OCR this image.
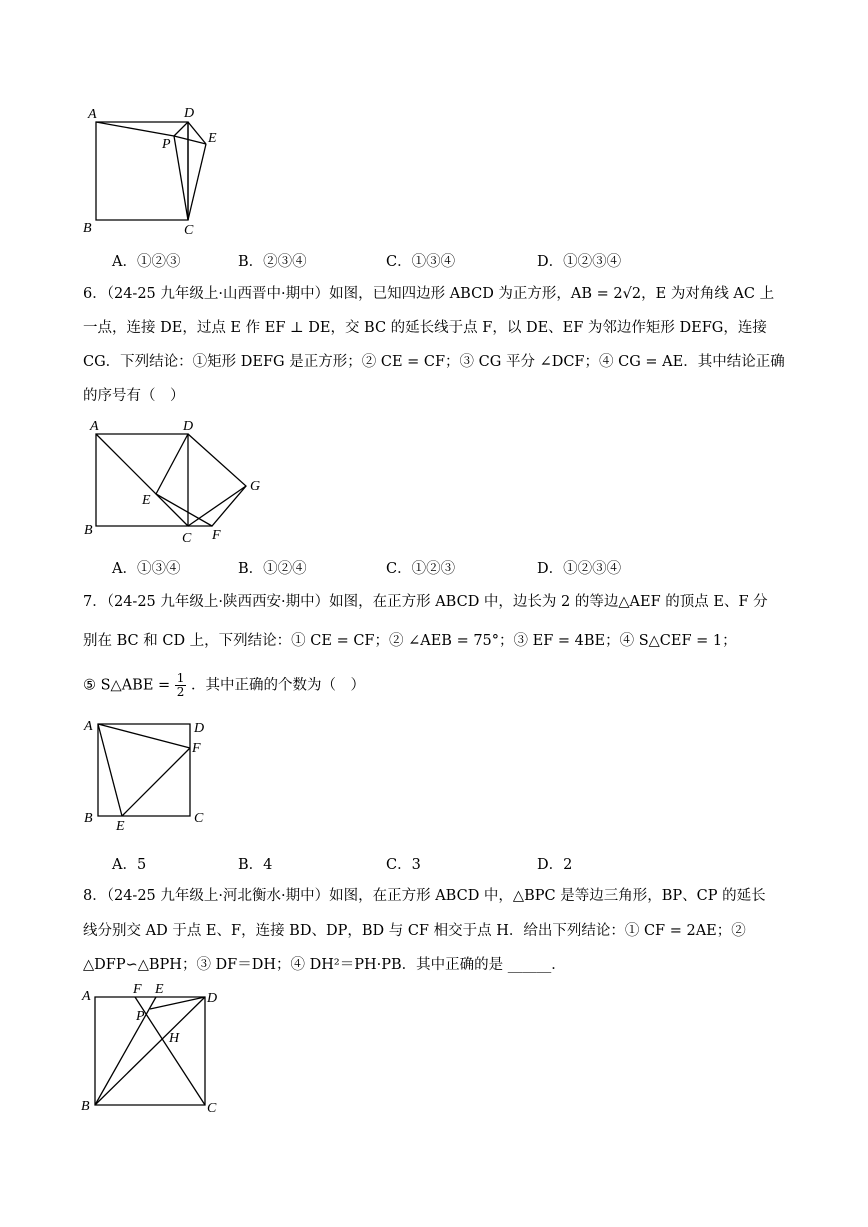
A	D
E
P
B	C
A．①②③	B．②③④	C．①③④	D．①②③④
6．（24-25 九年级上·山西晋中·期中）如图，已知四边形 ABCD 为正方形，AB = 2√2，E 为对角线 AC 上
一点，连接 DE，过点 E 作 EF ⊥ DE，交 BC 的延长线于点 F，以 DE、EF 为邻边作矩形 DEFG，连接
CG．下列结论：①矩形 DEFG 是正方形；② CE = CF；③ CG 平分 ∠DCF；④ CG = AE．其中结论正确
的序号有（　）
A	D
G
E
B
C F
A．①③④	B．①②④	C．①②③	D．①②③④
7．（24-25 九年级上·陕西西安·期中）如图，在正方形 ABCD 中，边长为 2 的等边△AEF 的顶点 E、F 分
别在 BC 和 CD 上，下列结论：① CE = CF；② ∠AEB = 75°；③ EF = 4BE；④ S△CEF = 1；
⑤ S△ABE = $\frac{1}{2}$ ．其中正确的个数为（　）
A	D
F
B
E
C
A．5	B．4	C．3	D．2
8．（24-25 九年级上·河北衡水·期中）如图，在正方形 ABCD 中，△BPC 是等边三角形，BP、CP 的延长
线分别交 AD 于点 E、F，连接 BD、DP，BD 与 CF 相交于点 H．给出下列结论：① CF = 2AE；②
△DFP∽△BPH；③ DF＝DH；④ DH²＝PH·PB．其中正确的是 ______．
A	F E
D
P
H
B	C
